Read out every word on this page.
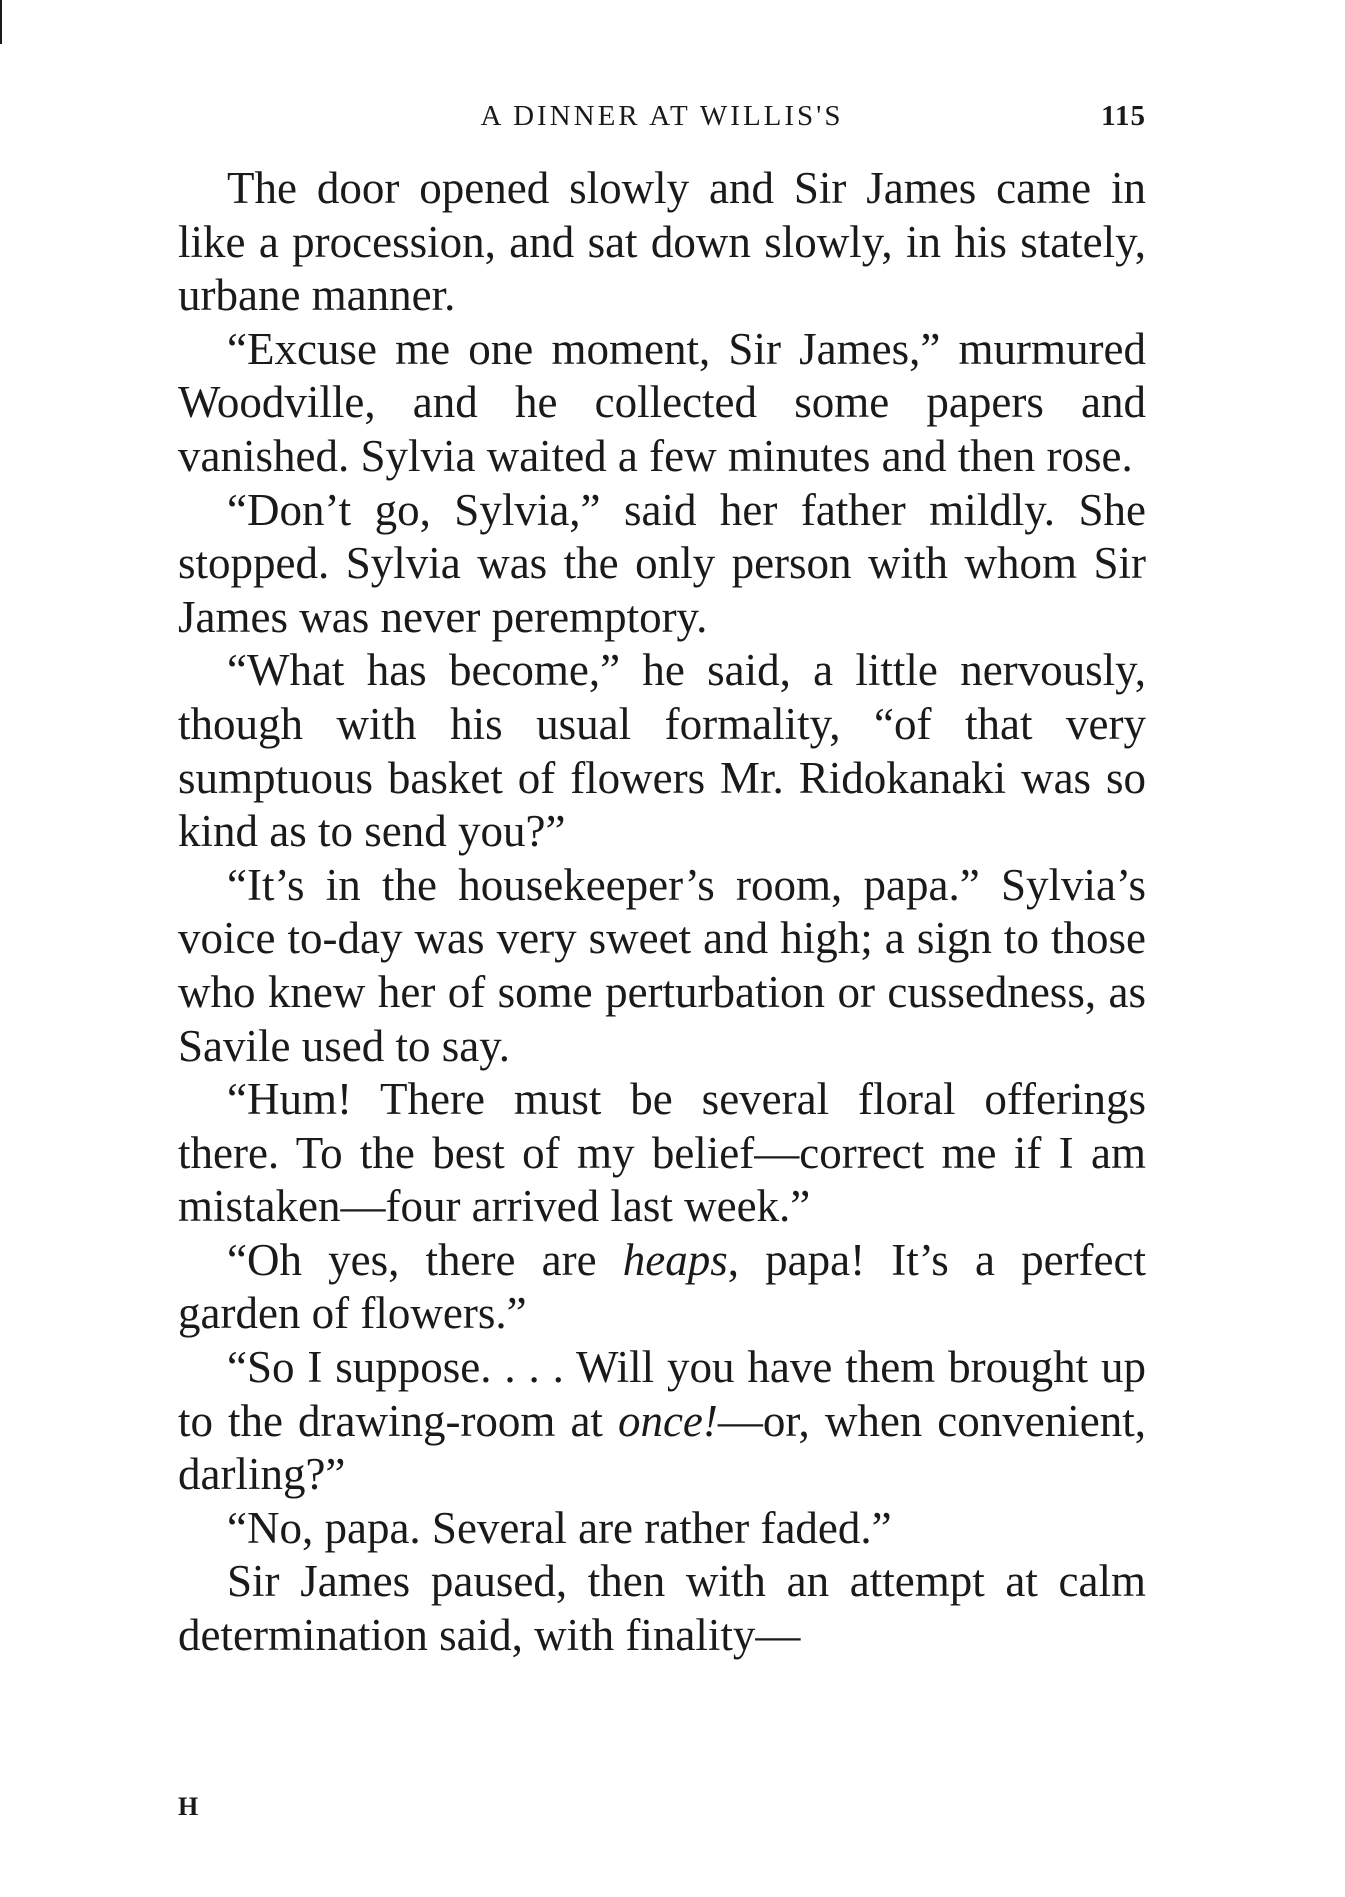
A DINNER AT WILLIS'S	115

The door opened slowly and Sir James came in like a procession, and sat down slowly, in his stately, urbane manner.

“Excuse me one moment, Sir James,” murmured Woodville, and he collected some papers and vanished. Sylvia waited a few minutes and then rose.

“Don’t go, Sylvia,” said her father mildly. She stopped. Sylvia was the only person with whom Sir James was never peremptory.

“What has become,” he said, a little nervously, though with his usual formality, “of that very sumptuous basket of flowers Mr. Ridokanaki was so kind as to send you?”

“It’s in the housekeeper’s room, papa.” Sylvia’s voice to-day was very sweet and high; a sign to those who knew her of some perturbation or cussedness, as Savile used to say.

“Hum! There must be several floral offerings there. To the best of my belief—correct me if I am mistaken—four arrived last week.”

“Oh yes, there are heaps, papa! It’s a perfect garden of flowers.”

“So I suppose. . . . Will you have them brought up to the drawing-room at once!—or, when convenient, darling?”

“No, papa. Several are rather faded.”

Sir James paused, then with an attempt at calm determination said, with finality—

H
